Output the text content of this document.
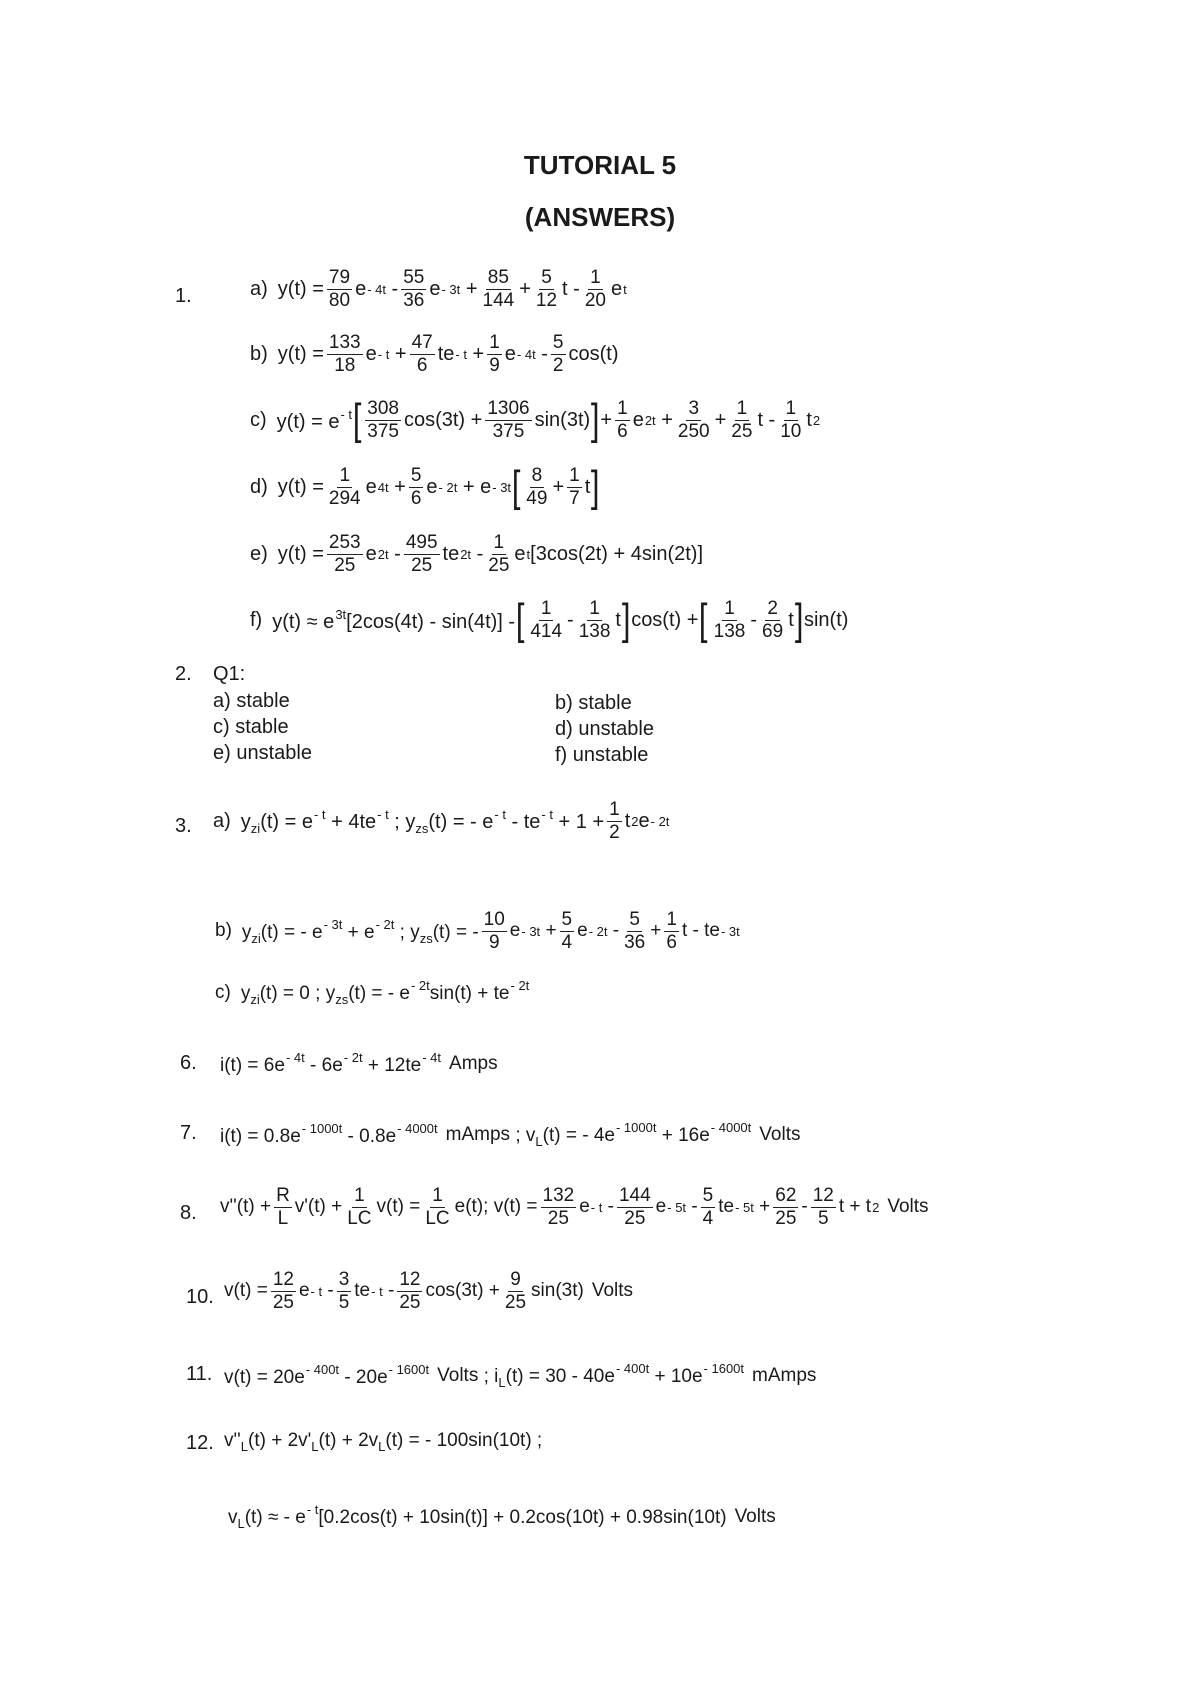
TUTORIAL 5
(ANSWERS)
1.	a) $y(t) = \frac{79}{80}$ e - $4t - \frac{55}{36}$ $e - 3t + \frac{85}{144} + \frac{5}{12}$ t - $\frac{1}{20}$ e t
b) $y(t) = \frac{133}{18}$ $e - t + \frac{47}{6}$ te - $t + \frac{1}{9}$ e - $4t - \frac{5}{2} \cos(t)$
c) $y(t) = e^{- t}$ [ $\frac{308}{375} \cos(3t) + \frac{1306}{375} \sin(3t)$ ] + $\frac{1}{6}$ e $2t + \frac{3}{250} + \frac{1}{25}$ t - $\frac{1}{10}$ t 2
d) $y(t) = \frac{1}{294}$ e $4t + \frac{5}{6}$ e - 2t + e - 3t [ $\frac{8}{49} + \frac{1}{7}$ t ]
e) $y(t) = \frac{253}{25}$ e $2t - \frac{495}{25}$ te $2t - \frac{1}{25}$ e t [3cos(2t) + 4sin(2t)]
f) $y(t) \approx e^{3t}[2\cos(4t) - \sin(4t)]$ - [ $\frac{1}{414} - \frac{1}{138}$ t ] cos(t) + [ $\frac{1}{138} - \frac{2}{69}$ t ] sin(t)
2. Q1:
a) stable
c) stable
e) unstable
b) stable
d) unstable
f) unstable
3. a) $y_{zi}(t) = e^{- t} + 4te^{- t}$ ; $y_{zs}(t)$ = - $e^{- t} - te^{- t} + 1 + \frac{1}{2}$ t 2 e - 2t
b) $y_{zi}(t)$ = - $e^{- 3t} + e^{- 2t}$ ; $y_{zs}(t)$ = - $\frac{10}{9}$ $e - 3t + \frac{5}{4}$ $e - 2t - \frac{5}{36} + \frac{1}{6}$ t - te - 3t
c) $y_{zi}(t) = 0$ ; $y_{zs}(t)$ = - $e^{- 2t}\sin(t) + te^{- 2t}$
6. $i(t) = 6e^{- 4t} - 6e^{- 2t} + 12te^{- 4t}$ Amps
7. $i(t) = 0.8e^{- 1000t} - 0.8e^{- 4000t}$ mAmps ; $v_L(t)$ = - $4e^{- 1000t} + 16e^{- 4000t}$ Volts
8. $v''(t) + \frac{R}{L} v'(t) + \frac{1}{LC} v(t) = \frac{1}{LC} e(t)$; $v(t) = \frac{132}{25}$ e - t - $\frac{144}{25}$ e - $5t - \frac{5}{4}$ te - $5t + \frac{62}{25} - \frac{12}{5}$ t + t 2 Volts
10. $v(t) = \frac{12}{25}$ e - t - $\frac{3}{5}$ te - $t - \frac{12}{25} \cos(3t) + \frac{9}{25} \sin(3t)$ Volts
11. $v(t) = 20e^{- 400t} - 20e^{- 1600t}$ Volts ; $i_L(t) = 30 - 40e^{- 400t} + 10e^{- 1600t}$ mAmps
12. $v''_L(t) + 2v'_L(t) + 2v_L(t)$ = - 100sin(10t) ;
$v_L(t)$ ≈ - $e^{- t}[0.2\cos(t) + 10\sin(t)] + 0.2\cos(10t) + 0.98\sin(10t)$ Volts
